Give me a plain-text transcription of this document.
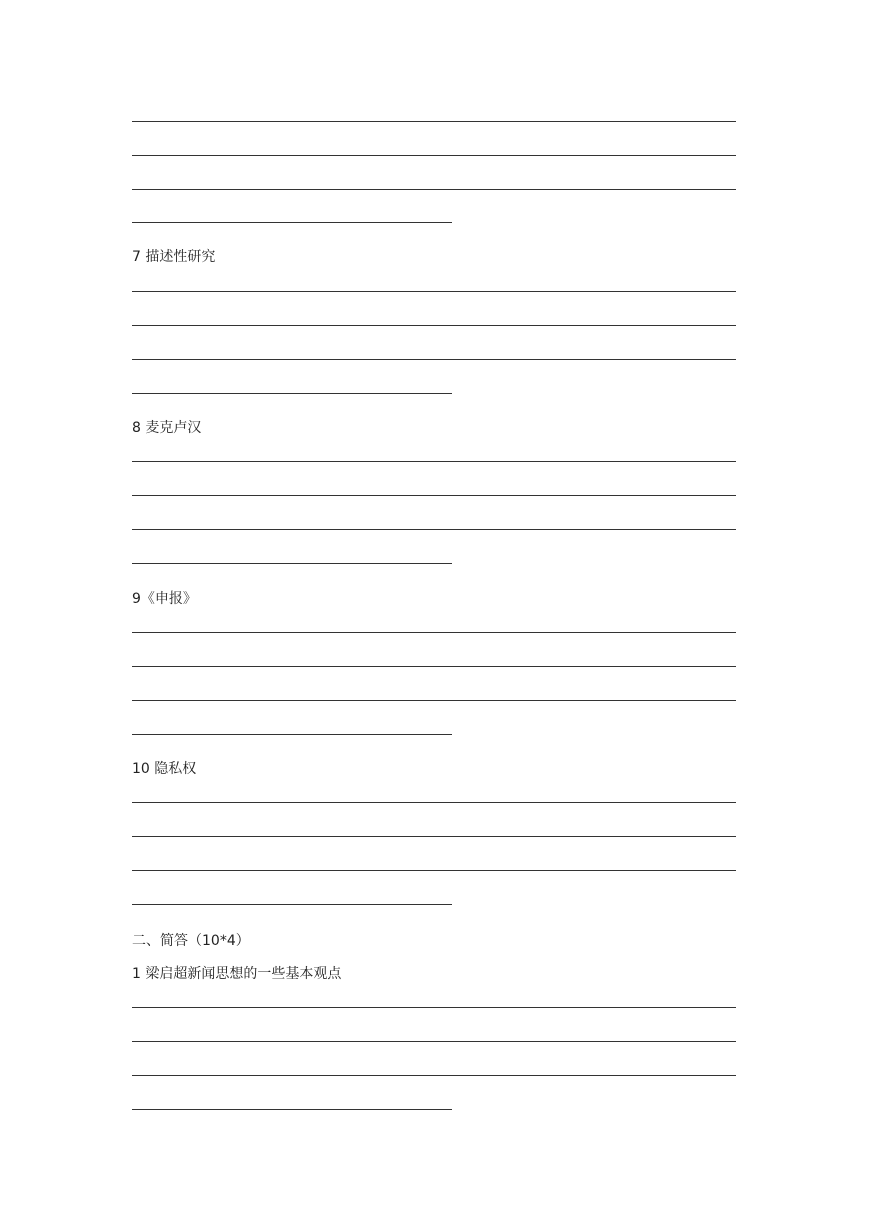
7 描述性研究

8 麦克卢汉

9《申报》

10 隐私权

二、简答（10*4）

1 梁启超新闻思想的一些基本观点
